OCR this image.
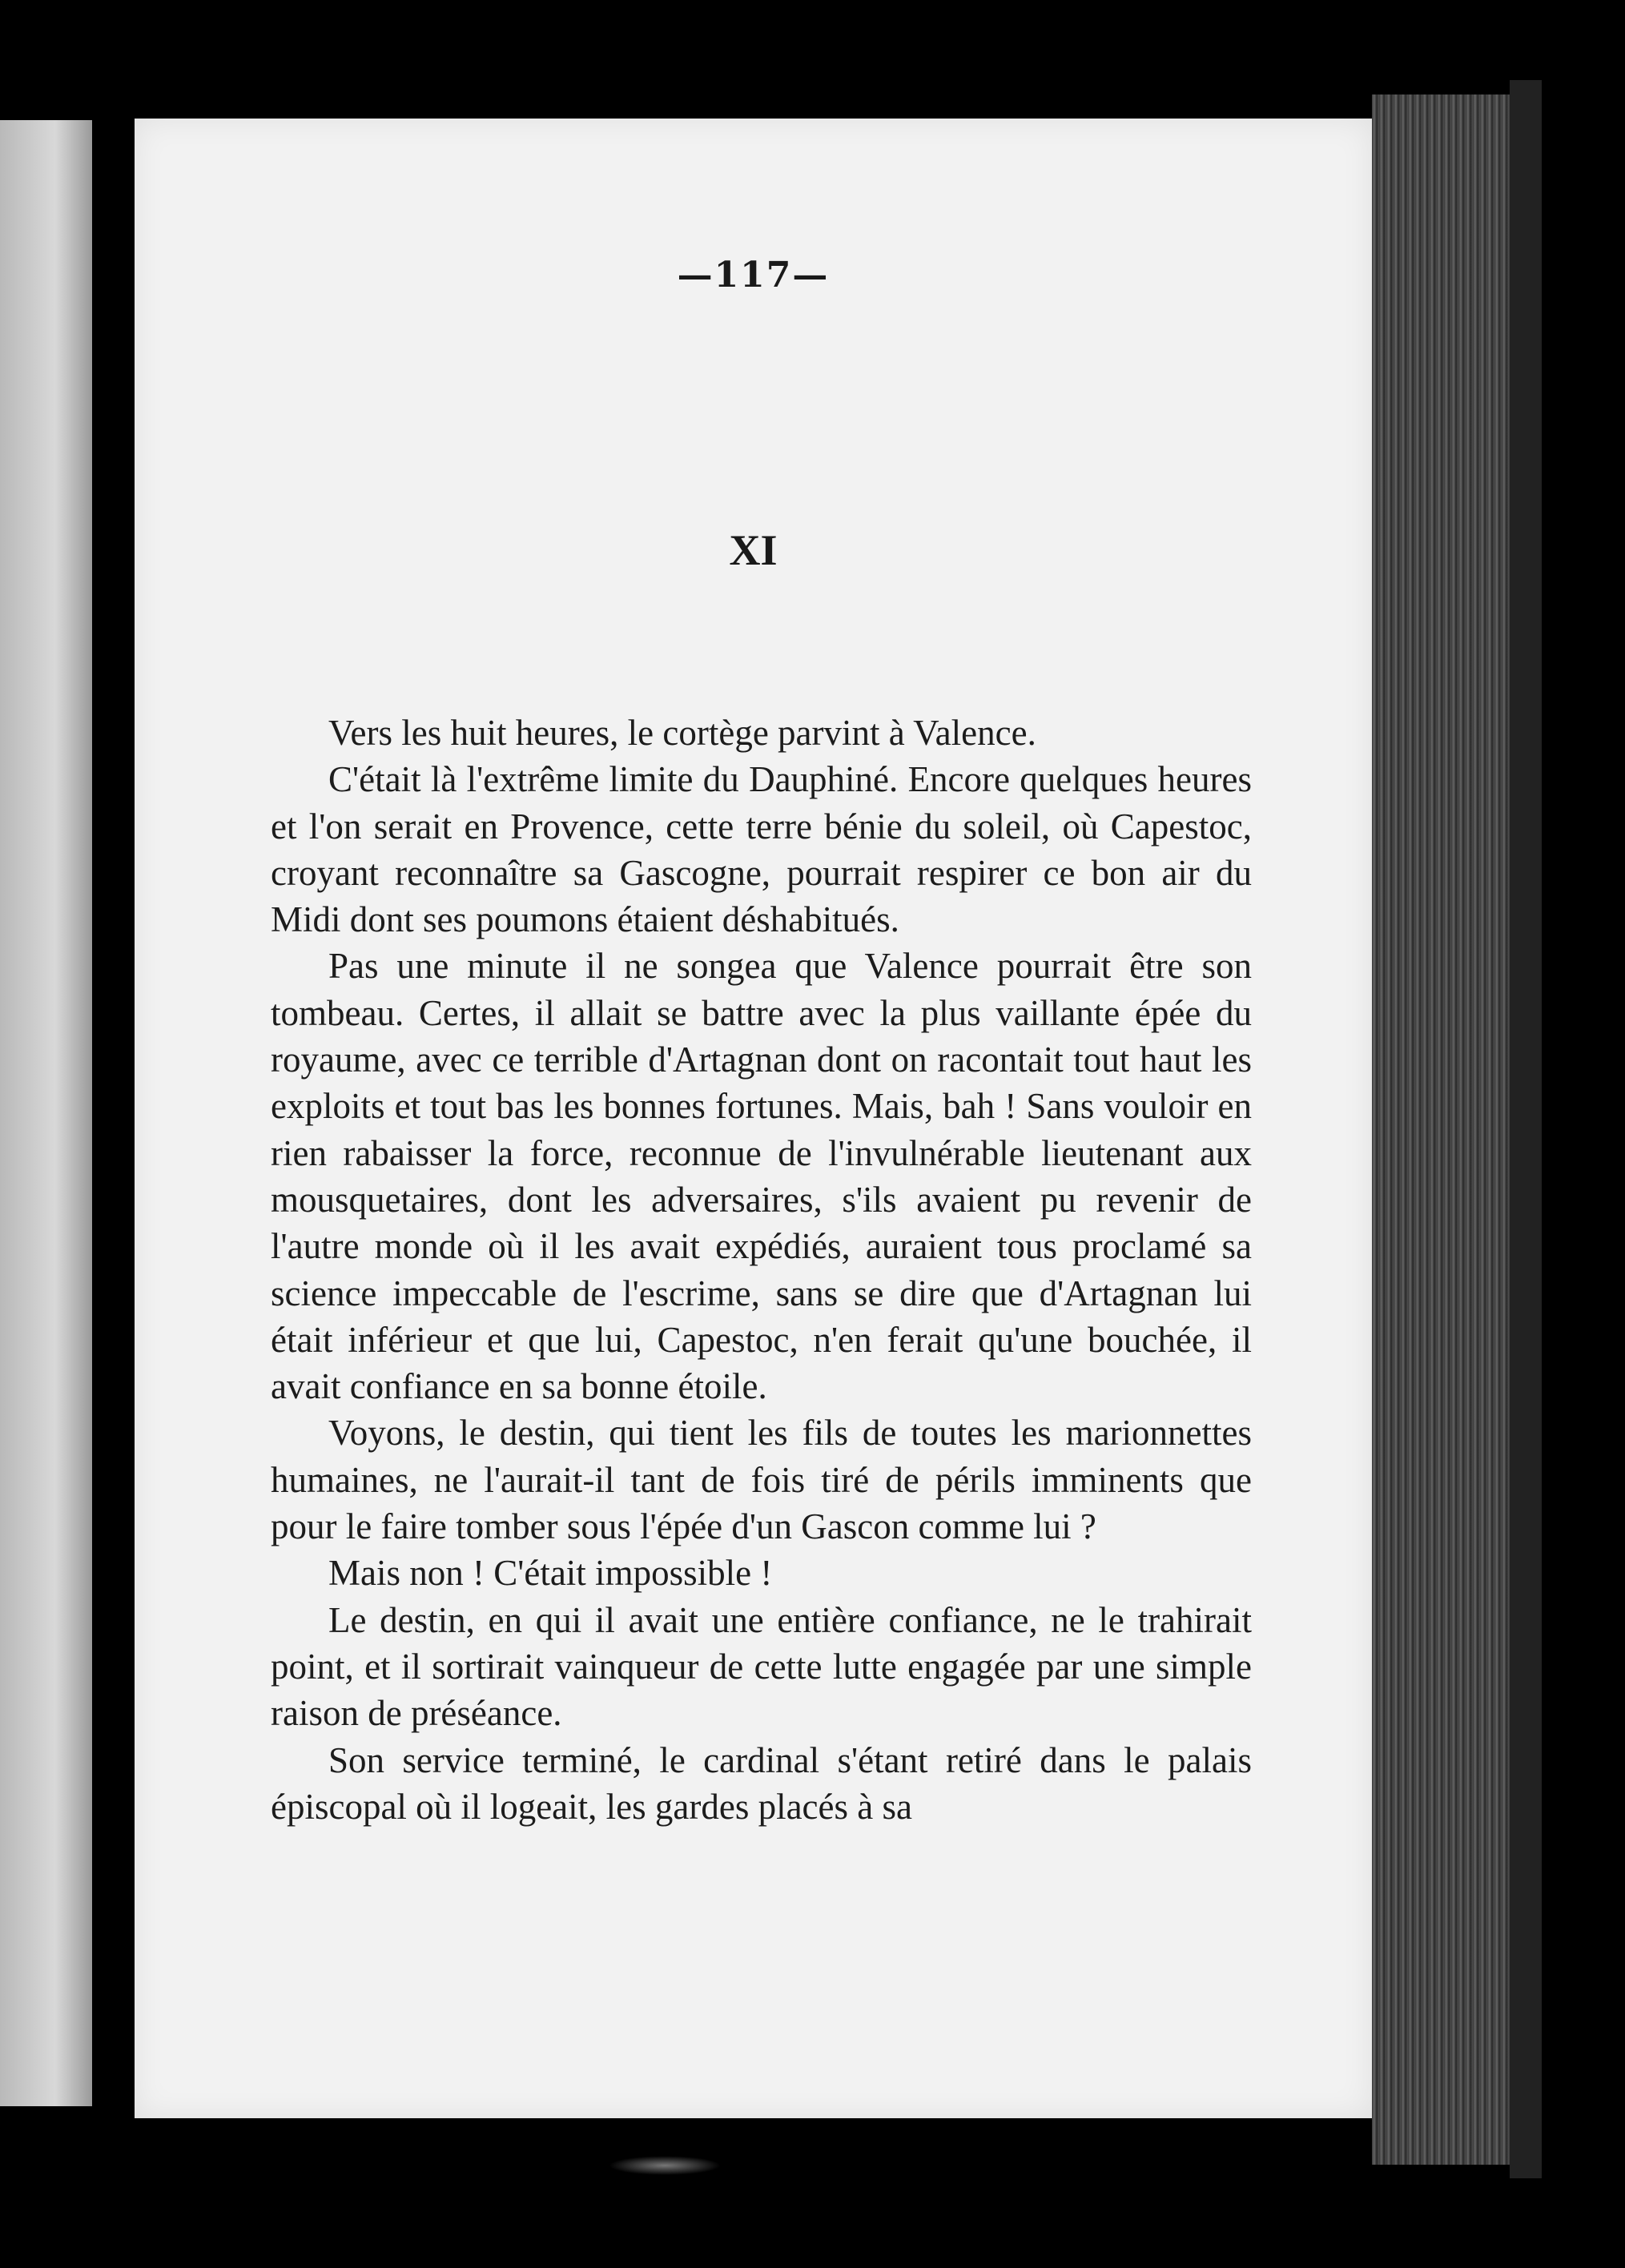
—117—
XI

Vers les huit heures, le cortège parvint à Valence.

C'était là l'extrême limite du Dauphiné. Encore quelques heures et l'on serait en Provence, cette terre bénie du soleil, où Capestoc, croyant reconnaître sa Gascogne, pourrait respirer ce bon air du Midi dont ses poumons étaient déshabitués.

Pas une minute il ne songea que Valence pourrait être son tombeau. Certes, il allait se battre avec la plus vaillante épée du royaume, avec ce terrible d'Artagnan dont on racontait tout haut les exploits et tout bas les bonnes fortunes. Mais, bah ! Sans vouloir en rien rabaisser la force, reconnue de l'invulnérable lieutenant aux mousquetaires, dont les adversaires, s'ils avaient pu revenir de l'autre monde où il les avait expédiés, auraient tous proclamé sa science impeccable de l'escrime, sans se dire que d'Artagnan lui était inférieur et que lui, Capestoc, n'en ferait qu'une bouchée, il avait confiance en sa bonne étoile.

Voyons, le destin, qui tient les fils de toutes les marionnettes humaines, ne l'aurait-il tant de fois tiré de périls imminents que pour le faire tomber sous l'épée d'un Gascon comme lui ?

Mais non ! C'était impossible !

Le destin, en qui il avait une entière confiance, ne le trahirait point, et il sortirait vainqueur de cette lutte engagée par une simple raison de préséance.

Son service terminé, le cardinal s'étant retiré dans le palais épiscopal où il logeait, les gardes placés à sa
